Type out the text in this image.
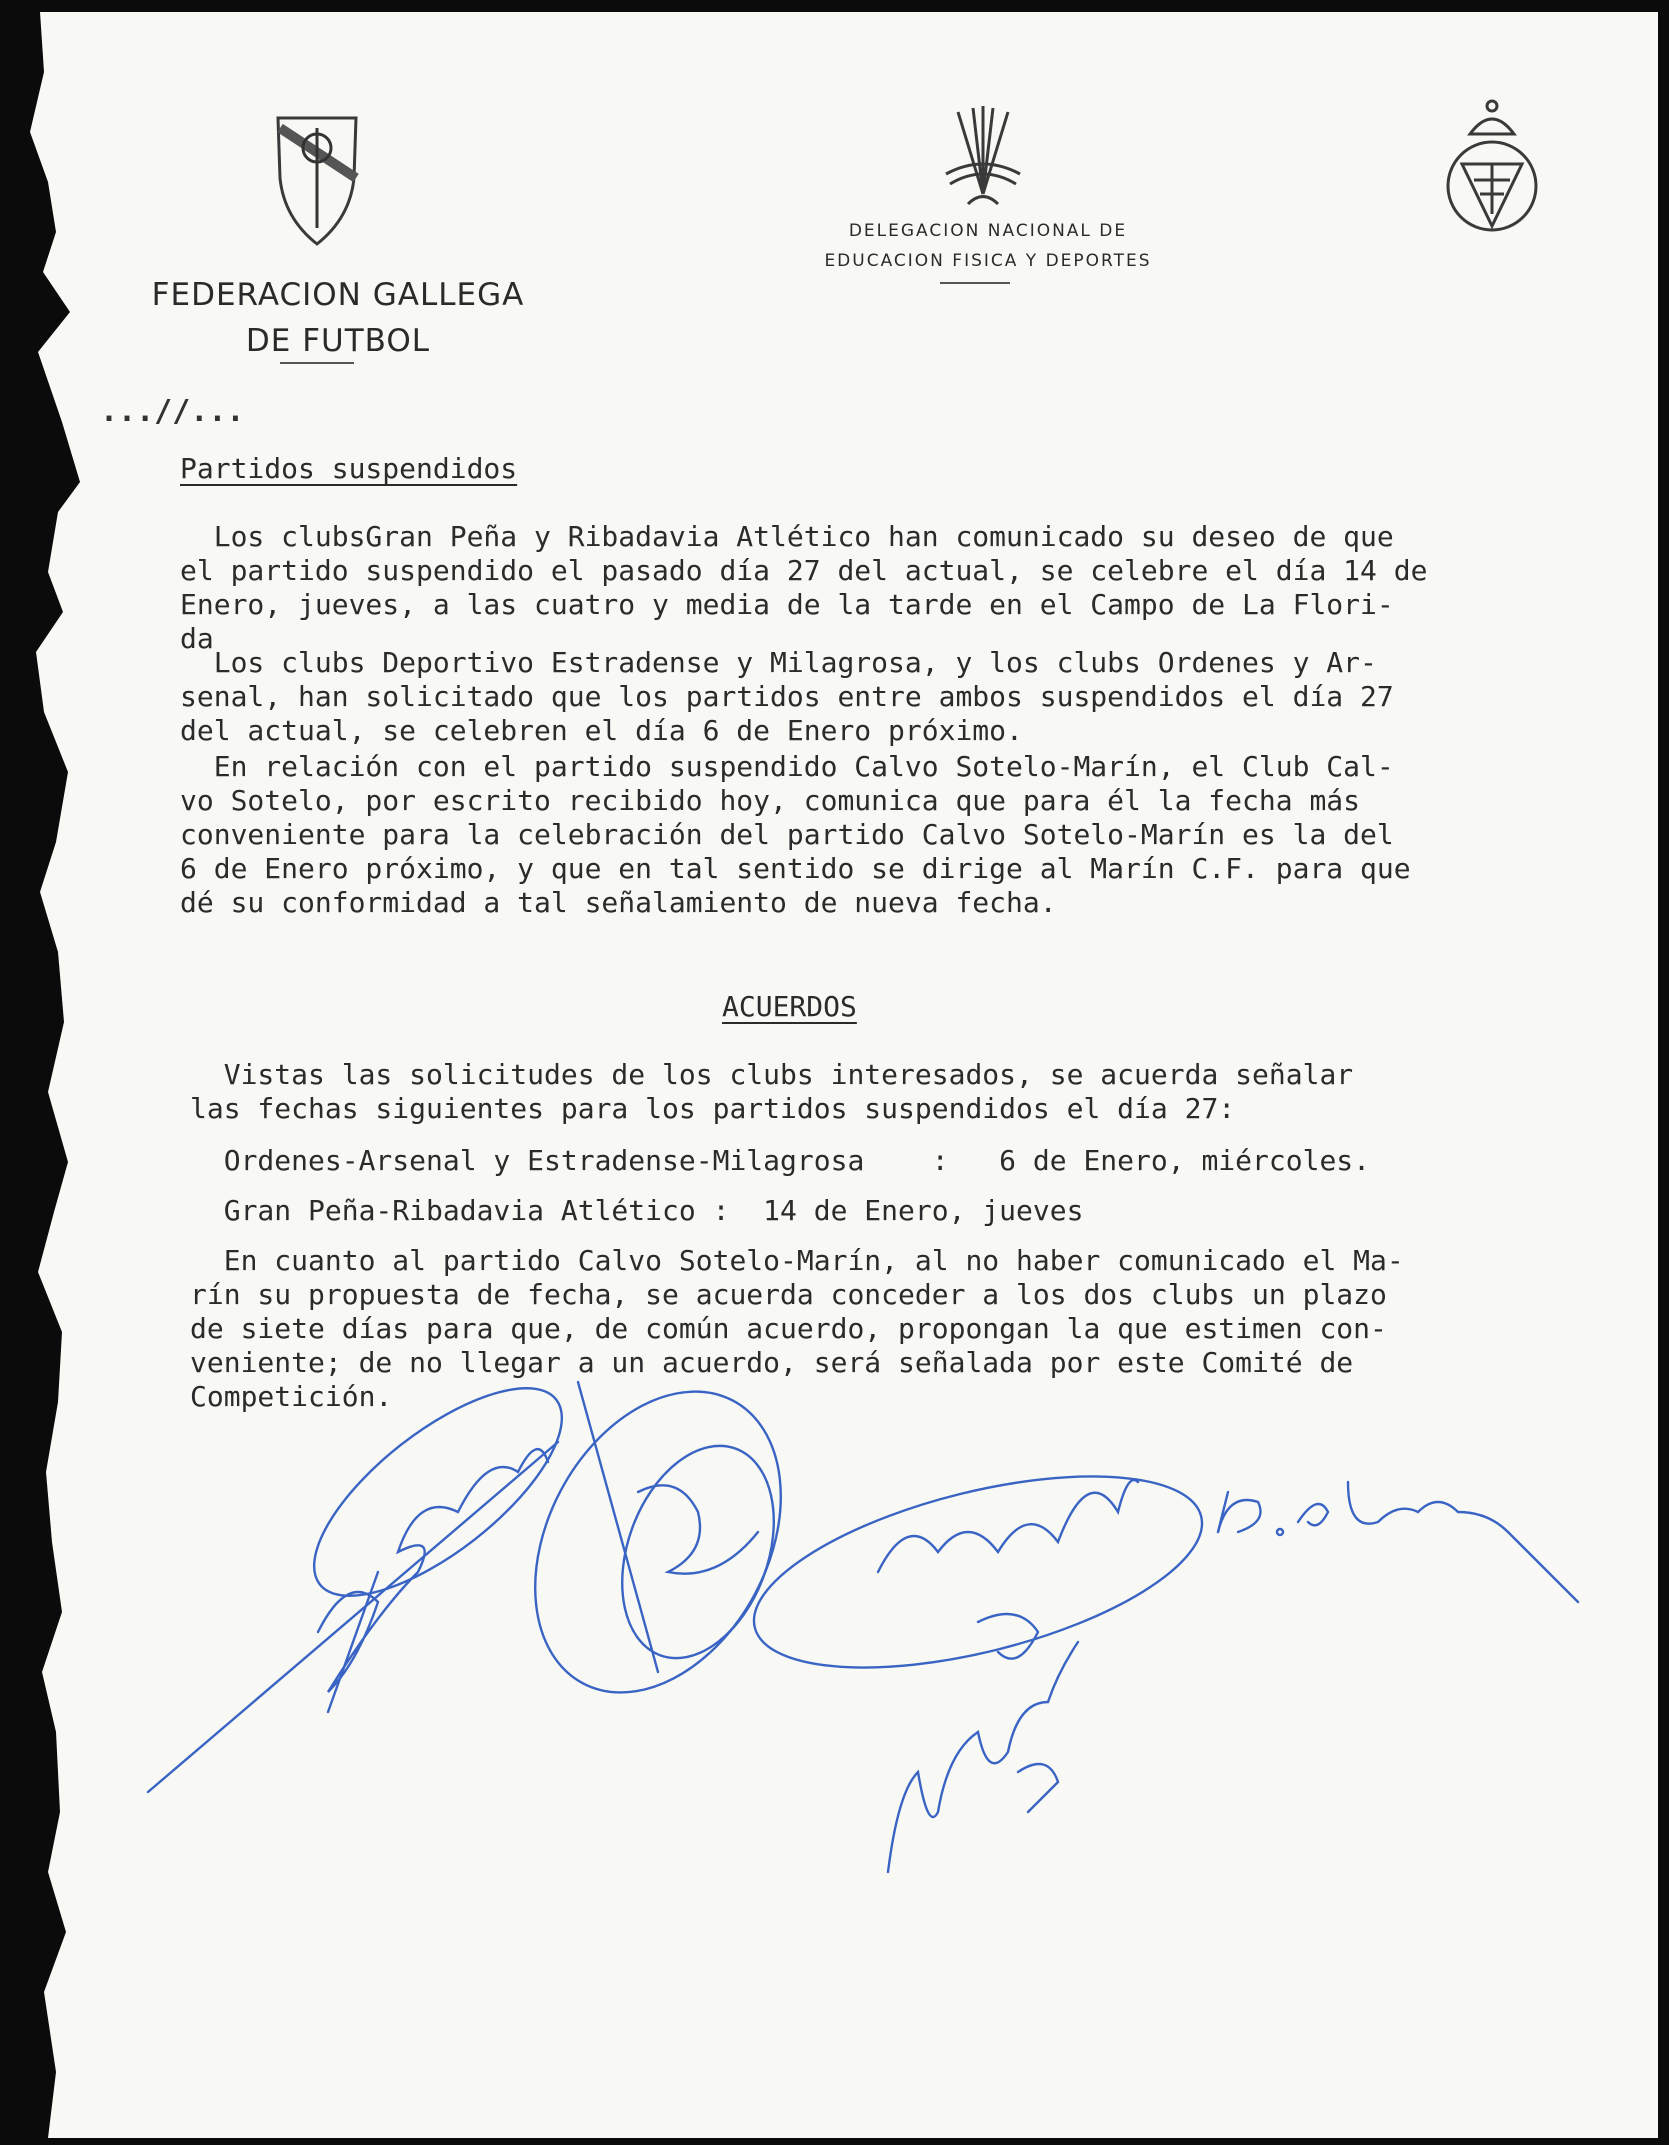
FEDERACION GALLEGA
DE FUTBOL
DELEGACION NACIONAL DE
EDUCACION FISICA Y DEPORTES
...//...
Partidos suspendidos
Los clubsGran Peña y Ribadavia Atlético han comunicado su deseo de que
el partido suspendido el pasado día 27 del actual, se celebre el día 14 de
Enero, jueves, a las cuatro y media de la tarde en el Campo de La Flori-
da
Los clubs Deportivo Estradense y Milagrosa, y los clubs Ordenes y Ar-
senal, han solicitado que los partidos entre ambos suspendidos el día 27
del actual, se celebren el día 6 de Enero próximo.
En relación con el partido suspendido Calvo Sotelo-Marín, el Club Cal-
vo Sotelo, por escrito recibido hoy, comunica que para él la fecha más
conveniente para la celebración del partido Calvo Sotelo-Marín es la del
6 de Enero próximo, y que en tal sentido se dirige al Marín C.F. para que
dé su conformidad a tal señalamiento de nueva fecha.
ACUERDOS
Vistas las solicitudes de los clubs interesados, se acuerda señalar
las fechas siguientes para los partidos suspendidos el día 27:
Ordenes-Arsenal y Estradense-Milagrosa    :   6 de Enero, miércoles.
Gran Peña-Ribadavia Atlético :  14 de Enero, jueves
En cuanto al partido Calvo Sotelo-Marín, al no haber comunicado el Ma-
rín su propuesta de fecha, se acuerda conceder a los dos clubs un plazo
de siete días para que, de común acuerdo, propongan la que estimen con-
veniente; de no llegar a un acuerdo, será señalada por este Comité de
Competición.
